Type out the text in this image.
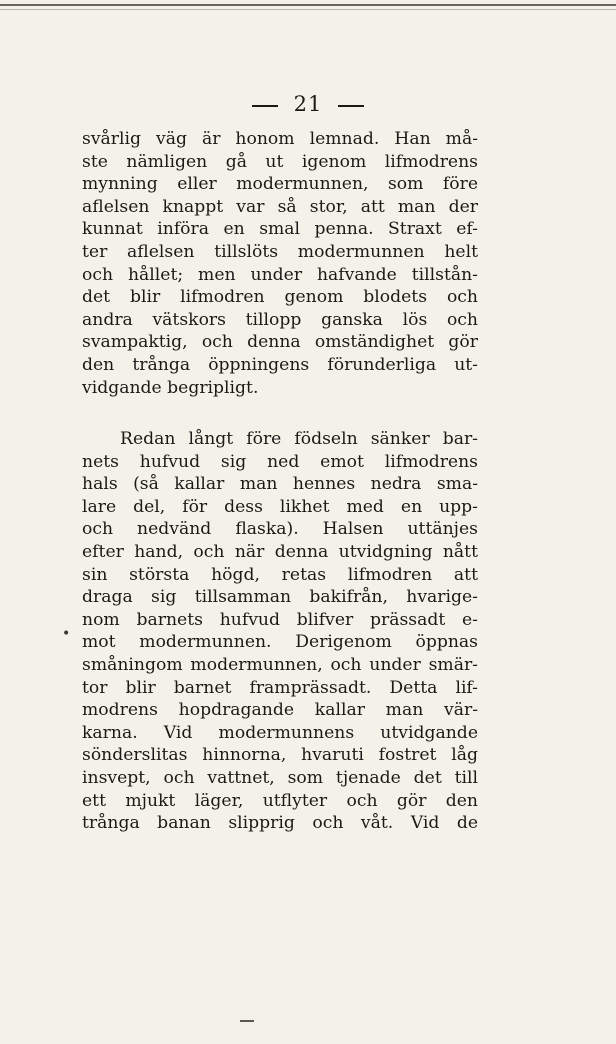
21
svårlig väg är honom lemnad. Han må-
ste nämligen gå ut igenom lifmodrens
mynning eller modermunnen, som före
aflelsen knappt var så stor, att man der
kunnat införa en smal penna. Straxt ef-
ter aflelsen tillslöts modermunnen helt
och hållet; men under hafvande tillstån-
det blir lifmodren genom blodets och
andra vätskors tillopp ganska lös och
svampaktig, och denna omständighet gör
den trånga öppningens förunderliga ut-
vidgande begripligt.
Redan långt före födseln sänker bar-
nets hufvud sig ned emot lifmodrens
hals (så kallar man hennes nedra sma-
lare del, för dess likhet med en upp-
och nedvänd flaska). Halsen uttänjes
efter hand, och när denna utvidgning nått
sin största högd, retas lifmodren att
draga sig tillsamman bakifrån, hvarige-
nom barnets hufvud blifver prässadt e-
mot modermunnen. Derigenom öppnas
småningom modermunnen, och under smär-
tor blir barnet framprässadt. Detta lif-
modrens hopdragande kallar man vär-
karna. Vid modermunnens utvidgande
sönderslitas hinnorna, hvaruti fostret låg
insvept, och vattnet, som tjenade det till
ett mjukt läger, utflyter och gör den
trånga banan slipprig och våt. Vid de
•
